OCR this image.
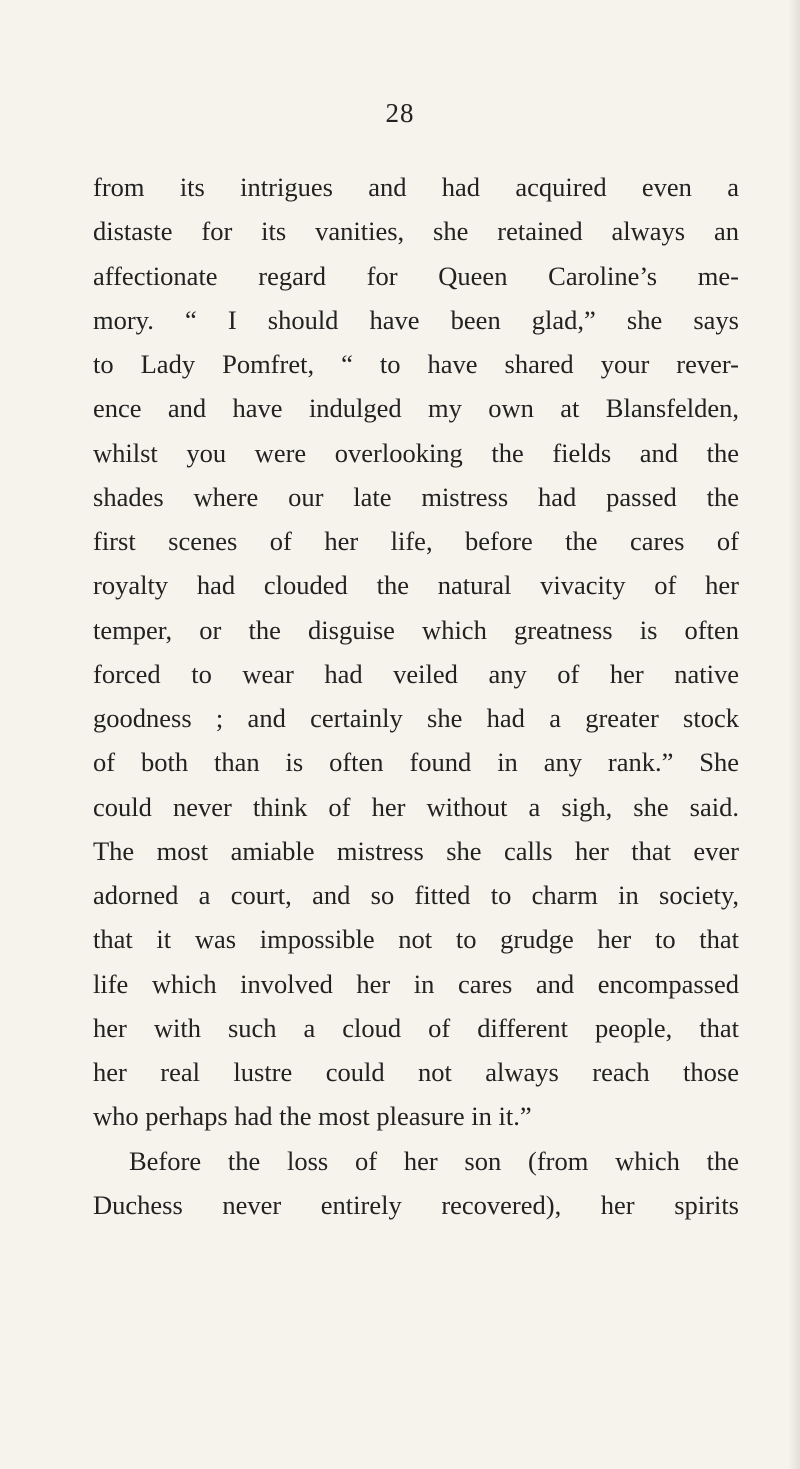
28
from its intrigues and had acquired even a
distaste for its vanities, she retained always an
affectionate regard for Queen Caroline’s me-
mory. “ I should have been glad,” she says
to Lady Pomfret, “ to have shared your rever-
ence and have indulged my own at Blansfelden,
whilst you were overlooking the fields and the
shades where our late mistress had passed the
first scenes of her life, before the cares of
royalty had clouded the natural vivacity of her
temper, or the disguise which greatness is often
forced to wear had veiled any of her native
goodness ; and certainly she had a greater stock
of both than is often found in any rank.” She
could never think of her without a sigh, she said.
The most amiable mistress she calls her that ever
adorned a court, and so fitted to charm in society,
that it was impossible not to grudge her to that
life which involved her in cares and encompassed
her with such a cloud of different people, that
her real lustre could not always reach those
who perhaps had the most pleasure in it.”
Before the loss of her son (from which the
Duchess never entirely recovered), her spirits
